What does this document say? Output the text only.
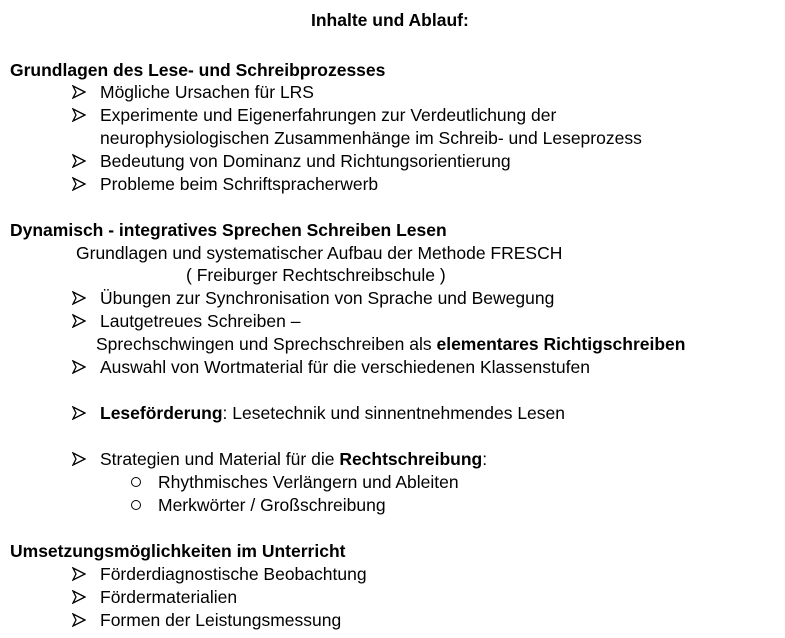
Inhalte und Ablauf:
Grundlagen des Lese- und Schreibprozesses
Mögliche Ursachen für LRS
Experimente und Eigenerfahrungen zur Verdeutlichung der
neurophysiologischen Zusammenhänge im Schreib- und Leseprozess
Bedeutung von Dominanz und Richtungsorientierung
Probleme beim Schriftspracherwerb
Dynamisch - integratives Sprechen Schreiben Lesen
Grundlagen und systematischer Aufbau der Methode FRESCH
( Freiburger Rechtschreibschule )
Übungen zur Synchronisation von Sprache und Bewegung
Lautgetreues Schreiben –
Sprechschwingen und Sprechschreiben als elementares Richtigschreiben
Auswahl von Wortmaterial für die verschiedenen Klassenstufen
Leseförderung: Lesetechnik und sinnentnehmendes Lesen
Strategien und Material für die Rechtschreibung:
Rhythmisches Verlängern und Ableiten
Merkwörter / Großschreibung
Umsetzungsmöglichkeiten im Unterricht
Förderdiagnostische Beobachtung
Fördermaterialien
Formen der Leistungsmessung
